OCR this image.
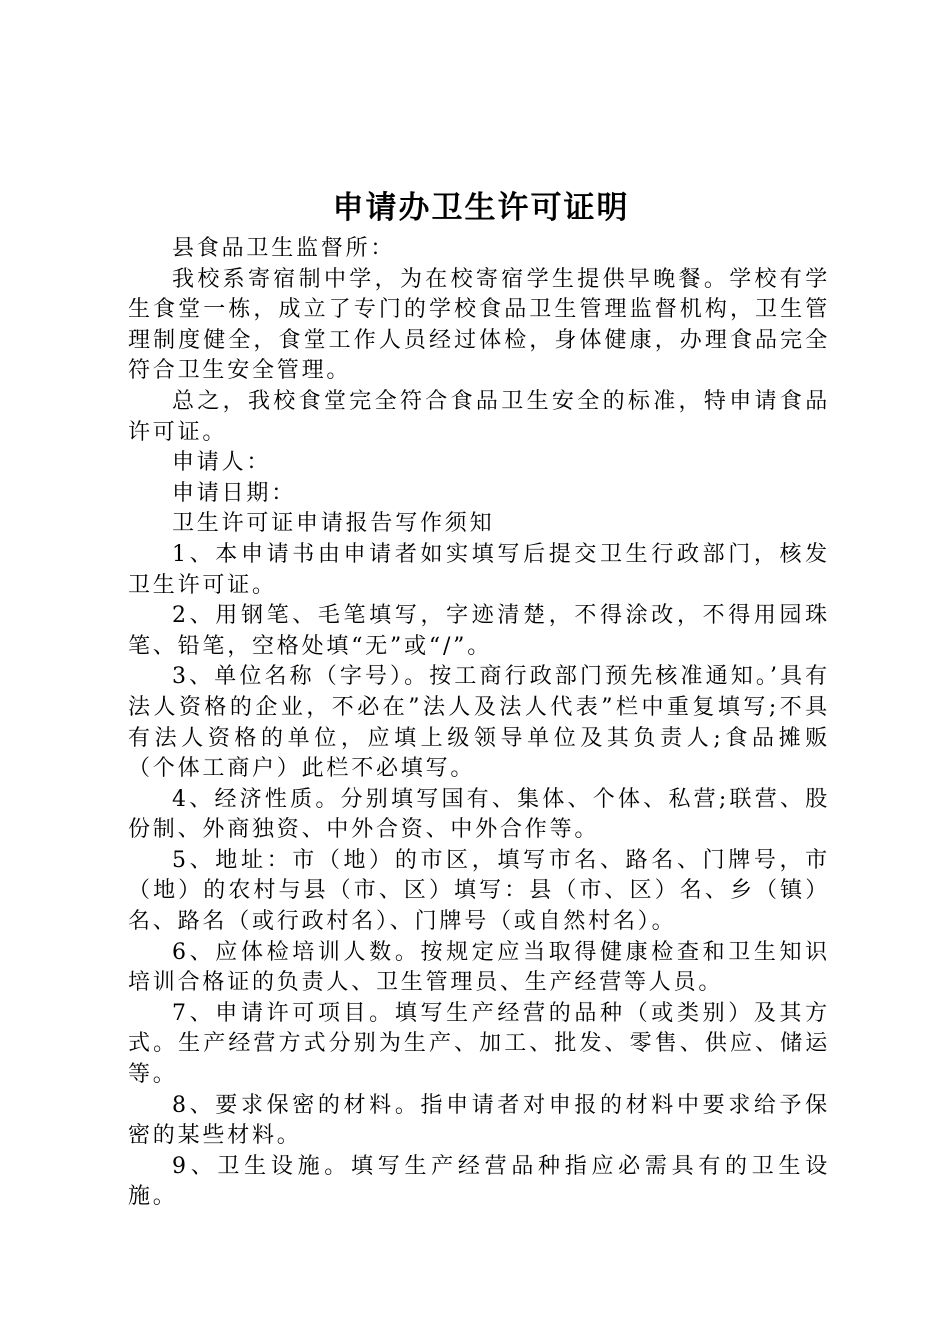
申请办卫生许可证明

县食品卫生监督所：

我校系寄宿制中学，为在校寄宿学生提供早晚餐。学校有学生食堂一栋，成立了专门的学校食品卫生管理监督机构，卫生管理制度健全，食堂工作人员经过体检，身体健康，办理食品完全符合卫生安全管理。

总之，我校食堂完全符合食品卫生安全的标准，特申请食品许可证。

申请人：

申请日期：

卫生许可证申请报告写作须知

1、本申请书由申请者如实填写后提交卫生行政部门，核发卫生许可证。

2、用钢笔、毛笔填写，字迹清楚，不得涂改，不得用园珠笔、铅笔，空格处填“无”或“/”。

3、单位名称（字号）。按工商行政部门预先核准通知。’具有法人资格的企业，不必在”法人及法人代表”栏中重复填写;不具有法人资格的单位，应填上级领导单位及其负责人;食品摊贩（个体工商户）此栏不必填写。

4、经济性质。分别填写国有、集体、个体、私营;联营、股份制、外商独资、中外合资、中外合作等。

5、地址：市（地）的市区，填写市名、路名、门牌号，市（地）的农村与县（市、区）填写：县（市、区）名、乡（镇）名、路名（或行政村名）、门牌号（或自然村名）。

6、应体检培训人数。按规定应当取得健康检查和卫生知识培训合格证的负责人、卫生管理员、生产经营等人员。

7、申请许可项目。填写生产经营的品种（或类别）及其方式。生产经营方式分别为生产、加工、批发、零售、供应、储运等。

8、要求保密的材料。指申请者对申报的材料中要求给予保密的某些材料。

9、卫生设施。填写生产经营品种指应必需具有的卫生设施。
